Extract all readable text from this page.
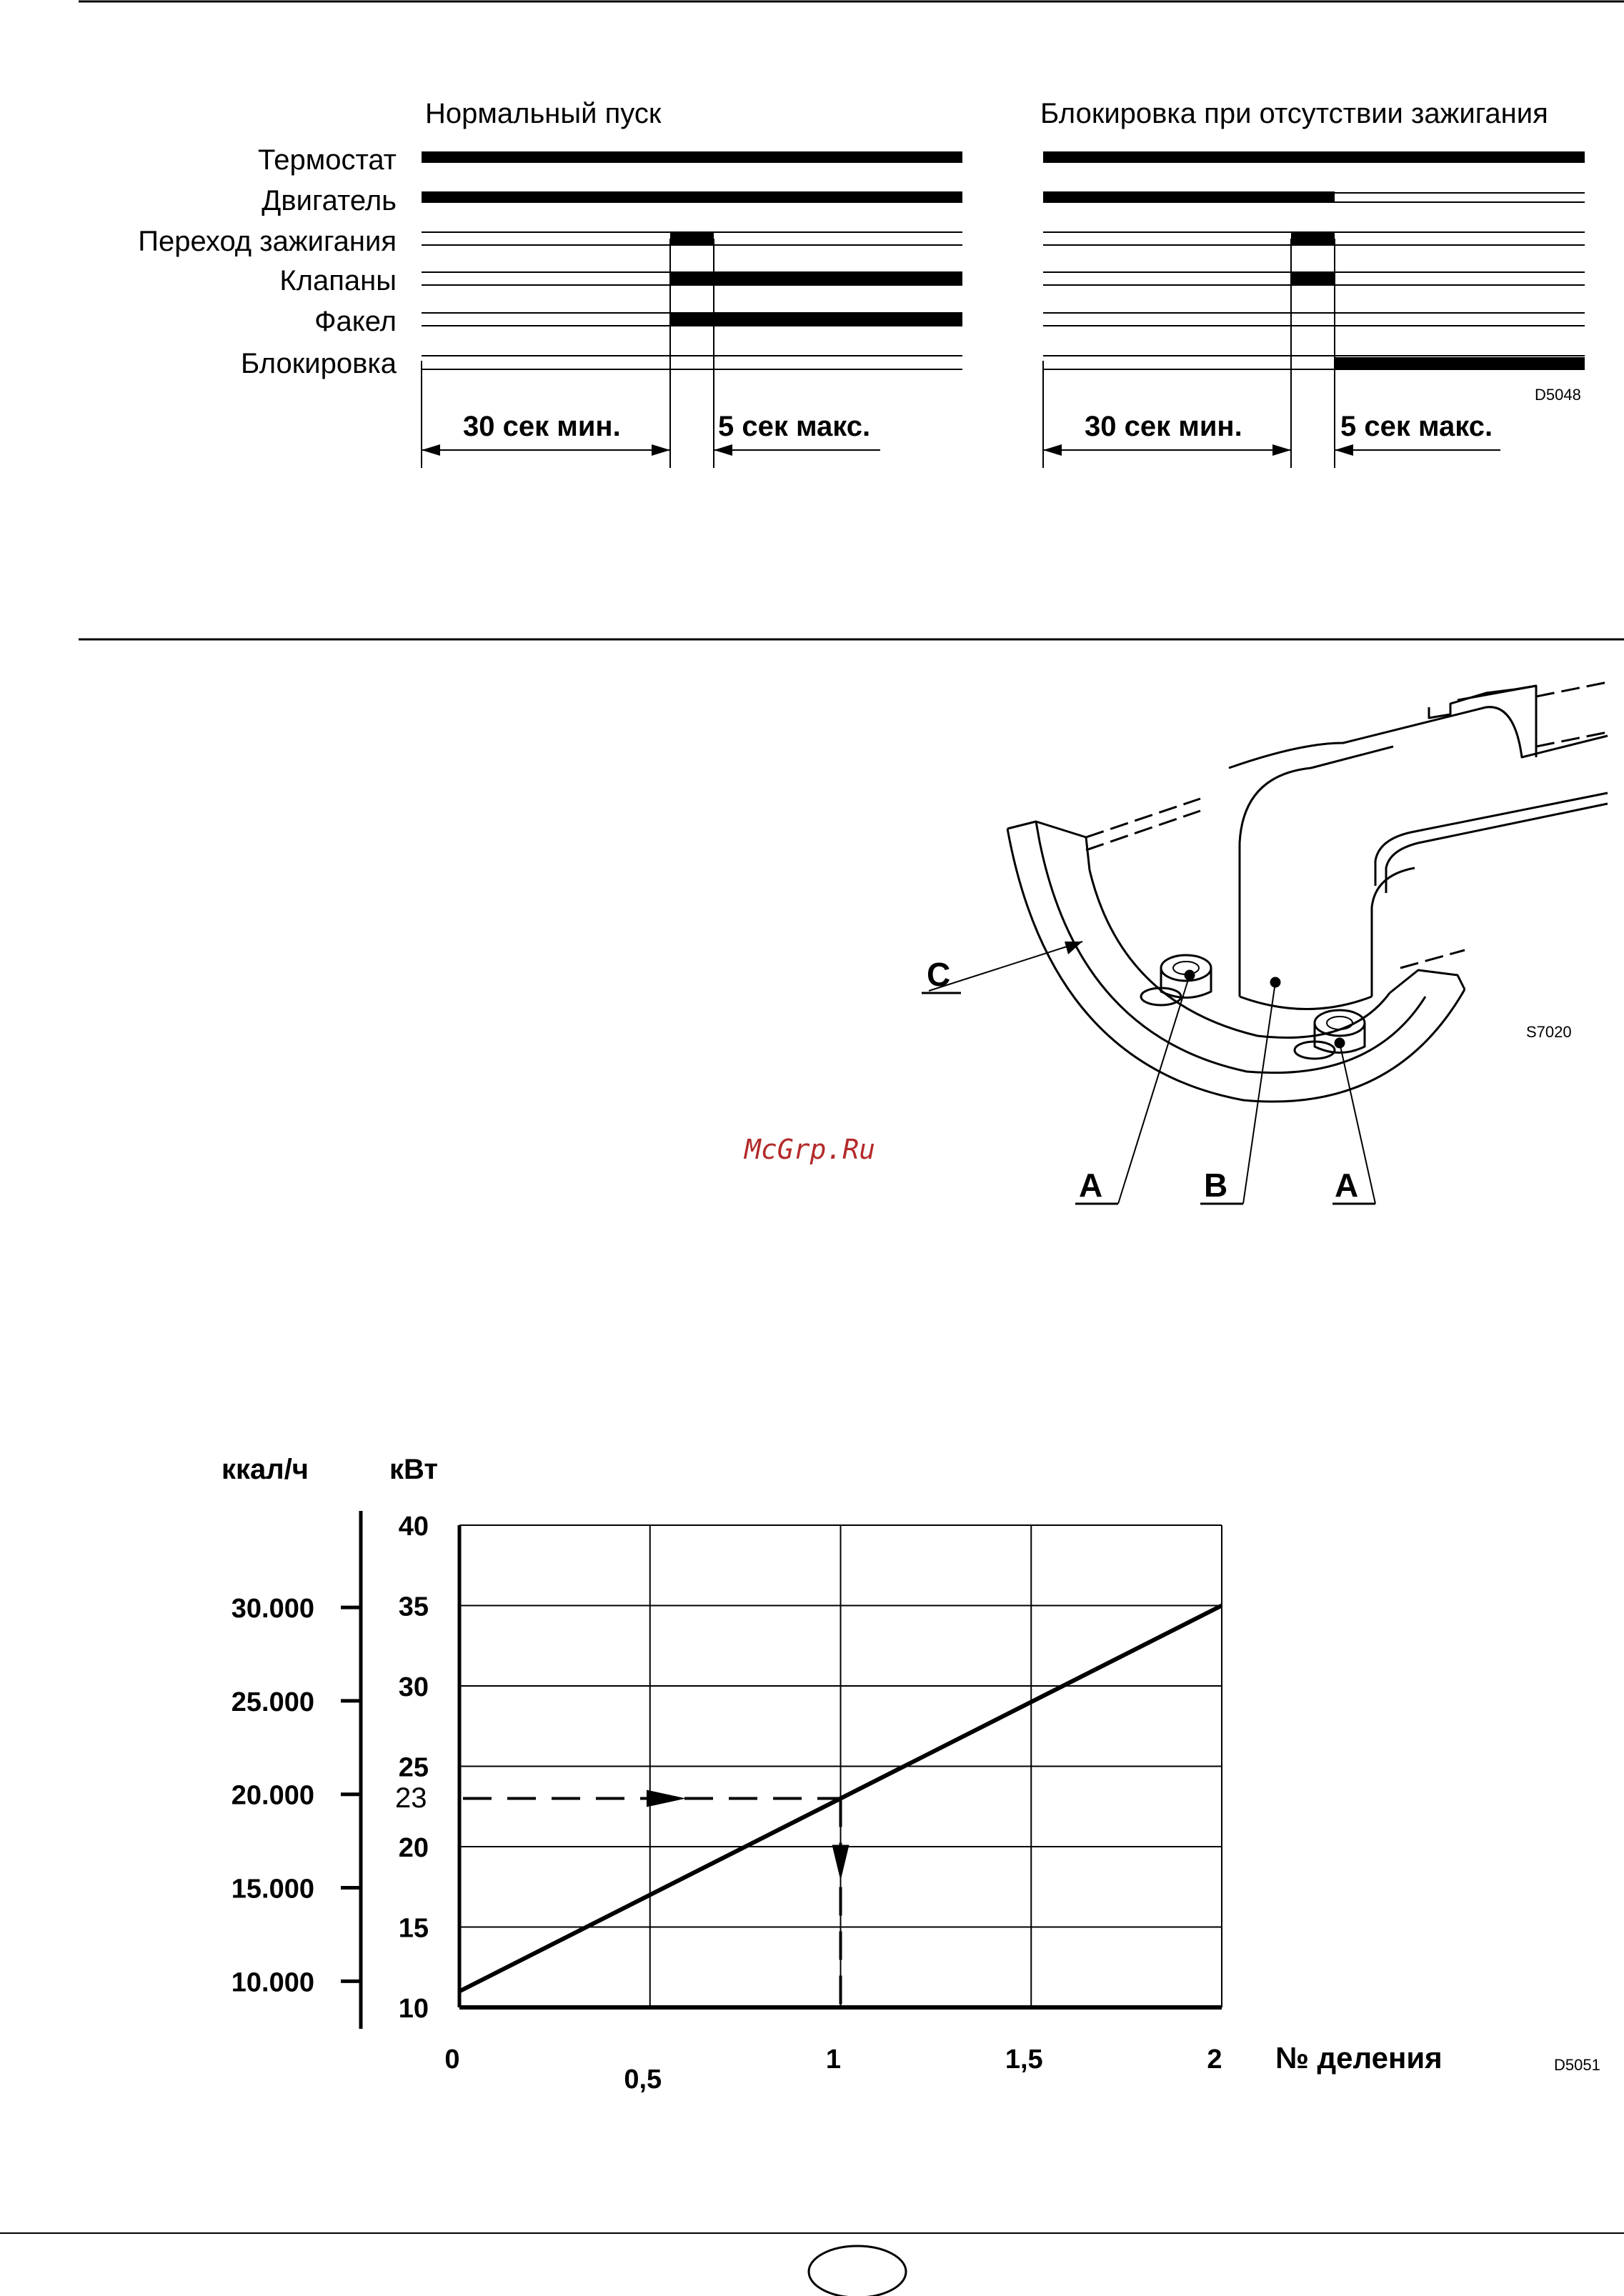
Нормальный пуск	Блокировка при отсутствии зажигания
Термостат
Двигатель
Переход зажигания
Клапаны
Факел
Блокировка
30 сек мин.	5 сек макс.	30 сек мин.	5 сек макс.
D5048
A	B	A
C
S7020
McGrp.Ru
10
15
20
25
30
35
40
0
0,5
1	1,5	2
10.000
15.000
20.000
25.000
30.000
ккал/ч	кВт
№ деления	D5051
23
